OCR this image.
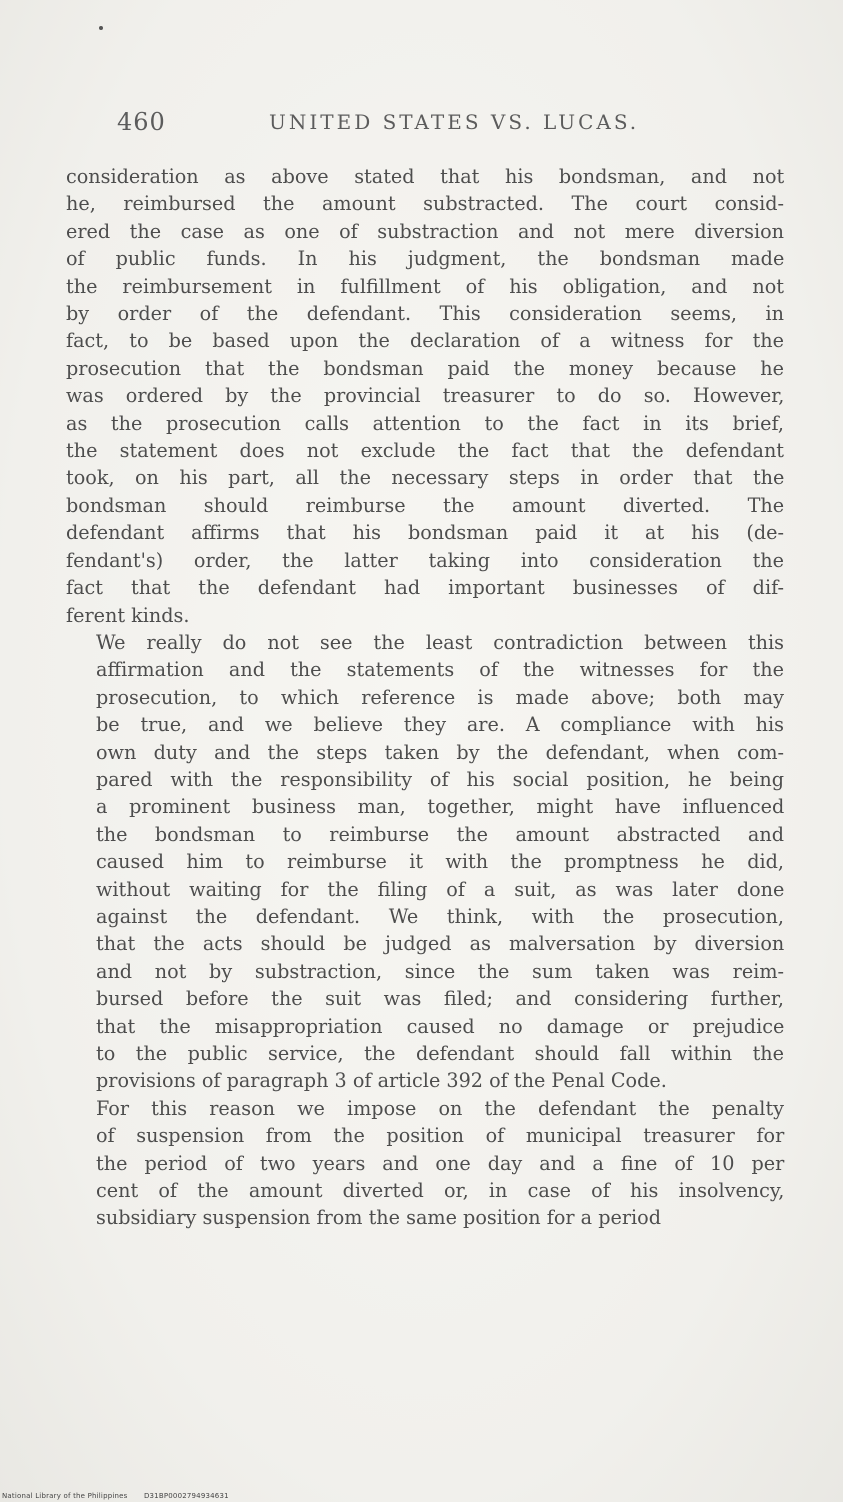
460	UNITED STATES VS. LUCAS.
consideration as above stated that his bondsman, and not
he, reimbursed the amount substracted. The court consid-
ered the case as one of substraction and not mere diversion
of public funds. In his judgment, the bondsman made
the reimbursement in fulfillment of his obligation, and not
by order of the defendant. This consideration seems, in
fact, to be based upon the declaration of a witness for the
prosecution that the bondsman paid the money because he
was ordered by the provincial treasurer to do so. However,
as the prosecution calls attention to the fact in its brief,
the statement does not exclude the fact that the defendant
took, on his part, all the necessary steps in order that the
bondsman should reimburse the amount diverted. The
defendant affirms that his bondsman paid it at his (de-
fendant's) order, the latter taking into consideration the
fact that the defendant had important businesses of dif-
ferent kinds.
We really do not see the least contradiction between this
affirmation and the statements of the witnesses for the
prosecution, to which reference is made above; both may
be true, and we believe they are. A compliance with his
own duty and the steps taken by the defendant, when com-
pared with the responsibility of his social position, he being
a prominent business man, together, might have influenced
the bondsman to reimburse the amount abstracted and
caused him to reimburse it with the promptness he did,
without waiting for the filing of a suit, as was later done
against the defendant. We think, with the prosecution,
that the acts should be judged as malversation by diversion
and not by substraction, since the sum taken was reim-
bursed before the suit was filed; and considering further,
that the misappropriation caused no damage or prejudice
to the public service, the defendant should fall within the
provisions of paragraph 3 of article 392 of the Penal Code.
For this reason we impose on the defendant the penalty
of suspension from the position of municipal treasurer for
the period of two years and one day and a fine of 10 per
cent of the amount diverted or, in case of his insolvency,
subsidiary suspension from the same position for a period
National Library of the Philippines D31BP0002794934631
